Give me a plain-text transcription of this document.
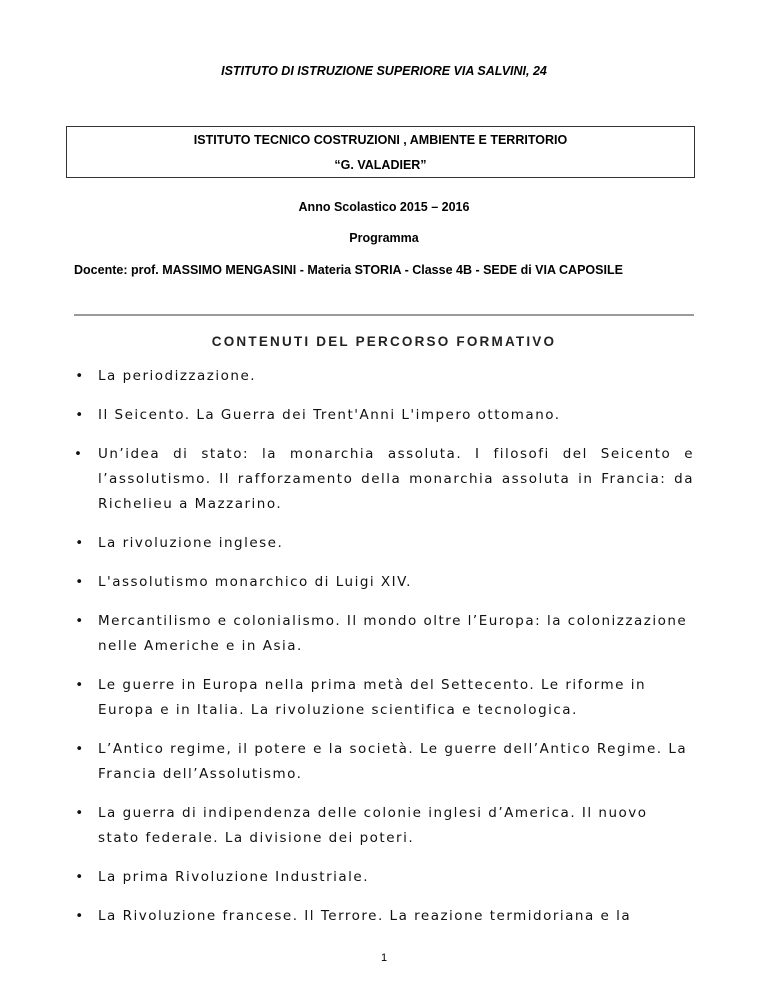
ISTITUTO DI ISTRUZIONE SUPERIORE VIA SALVINI, 24
ISTITUTO TECNICO COSTRUZIONI , AMBIENTE E TERRITORIO
“G. VALADIER”
Anno Scolastico 2015 – 2016
Programma
Docente: prof. MASSIMO MENGASINI - Materia STORIA - Classe 4B - SEDE di VIA CAPOSILE
CONTENUTI DEL PERCORSO FORMATIVO
• La periodizzazione.
• Il Seicento. La Guerra dei Trent'Anni L'impero ottomano.
• Un’idea di stato: la monarchia assoluta. I filosofi del Seicento e l’assolutismo. Il rafforzamento della monarchia assoluta in Francia: da Richelieu a Mazzarino.
• La rivoluzione inglese.
• L'assolutismo monarchico di Luigi XIV.
• Mercantilismo e colonialismo. Il mondo oltre l’Europa: la colonizzazione nelle Americhe e in Asia.
• Le guerre in Europa nella prima metà del Settecento. Le riforme in Europa e in Italia. La rivoluzione scientifica e tecnologica.
• L’Antico regime, il potere e la società. Le guerre dell’Antico Regime. La Francia dell’Assolutismo.
• La guerra di indipendenza delle colonie inglesi d’America. Il nuovo stato federale. La divisione dei poteri.
• La prima Rivoluzione Industriale.
• La Rivoluzione francese. Il Terrore. La reazione termidoriana e la
1
